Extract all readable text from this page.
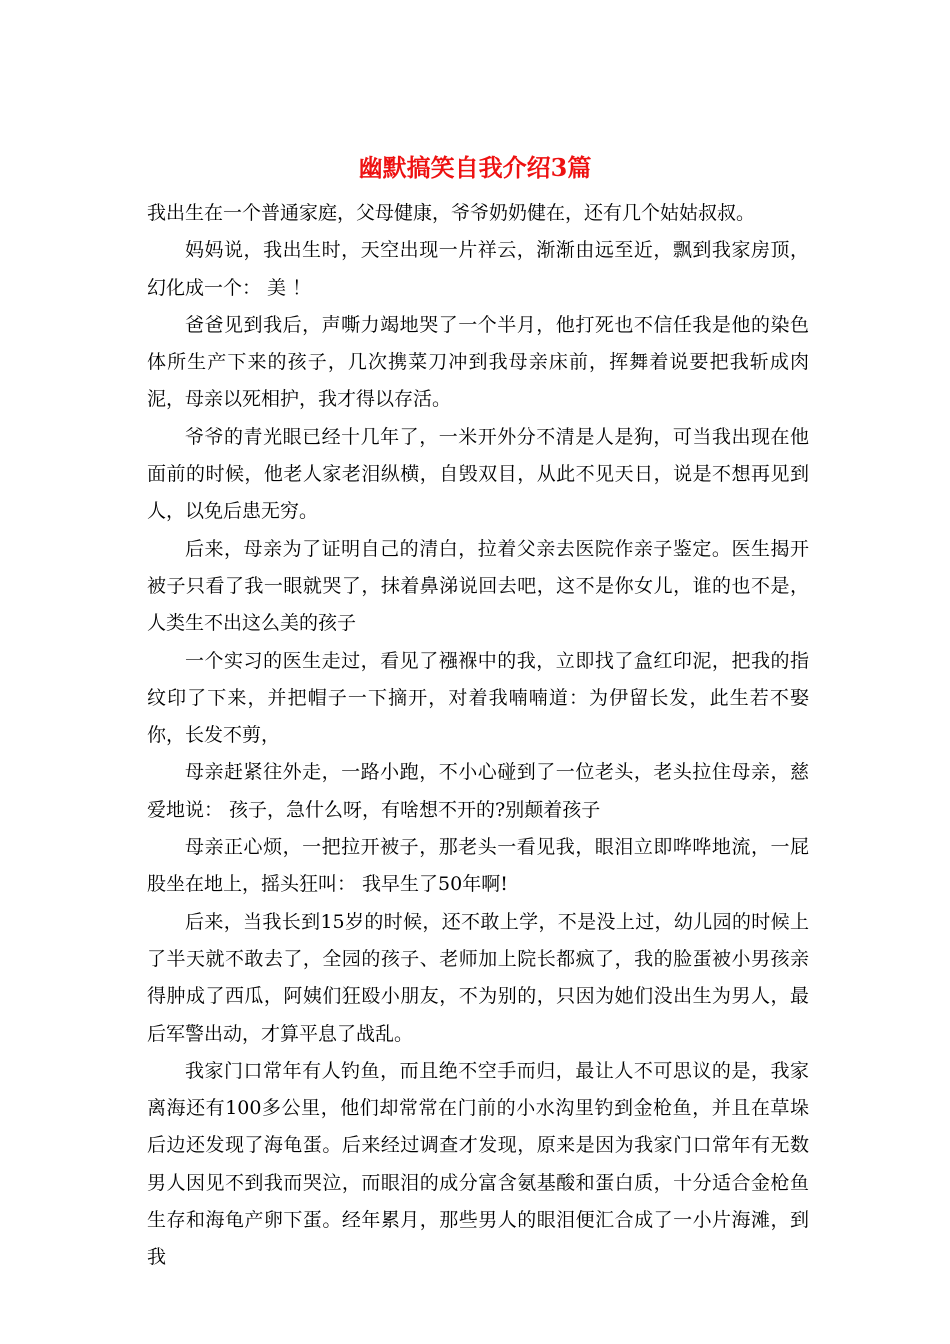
幽默搞笑自我介绍3篇

我出生在一个普通家庭，父母健康，爷爷奶奶健在，还有几个姑姑叔叔。

妈妈说，我出生时，天空出现一片祥云，渐渐由远至近，飘到我家房顶，幻化成一个： 美 ！

爸爸见到我后，声嘶力竭地哭了一个半月，他打死也不信任我是他的染色体所生产下来的孩子，几次携菜刀冲到我母亲床前，挥舞着说要把我斩成肉泥，母亲以死相护，我才得以存活。

爷爷的青光眼已经十几年了，一米开外分不清是人是狗，可当我出现在他面前的时候，他老人家老泪纵横，自毁双目，从此不见天日，说是不想再见到人，以免后患无穷。

后来，母亲为了证明自己的清白，拉着父亲去医院作亲子鉴定。医生揭开被子只看了我一眼就哭了，抹着鼻涕说回去吧，这不是你女儿，谁的也不是，人类生不出这么美的孩子

一个实习的医生走过，看见了襁褓中的我，立即找了盒红印泥，把我的指纹印了下来，并把帽子一下摘开，对着我喃喃道：为伊留长发，此生若不娶你，长发不剪，

母亲赶紧往外走，一路小跑，不小心碰到了一位老头，老头拉住母亲，慈爱地说： 孩子，急什么呀，有啥想不开的?别颠着孩子

母亲正心烦，一把拉开被子，那老头一看见我，眼泪立即哗哗地流，一屁股坐在地上，摇头狂叫： 我早生了50年啊!

后来，当我长到15岁的时候，还不敢上学，不是没上过，幼儿园的时候上了半天就不敢去了，全园的孩子、老师加上院长都疯了，我的脸蛋被小男孩亲得肿成了西瓜，阿姨们狂殴小朋友，不为别的，只因为她们没出生为男人，最后军警出动，才算平息了战乱。

我家门口常年有人钓鱼，而且绝不空手而归，最让人不可思议的是，我家离海还有100多公里，他们却常常在门前的小水沟里钓到金枪鱼，并且在草垛后边还发现了海龟蛋。后来经过调查才发现，原来是因为我家门口常年有无数男人因见不到我而哭泣，而眼泪的成分富含氨基酸和蛋白质，十分适合金枪鱼生存和海龟产卵下蛋。经年累月，那些男人的眼泪便汇合成了一小片海滩，到我
